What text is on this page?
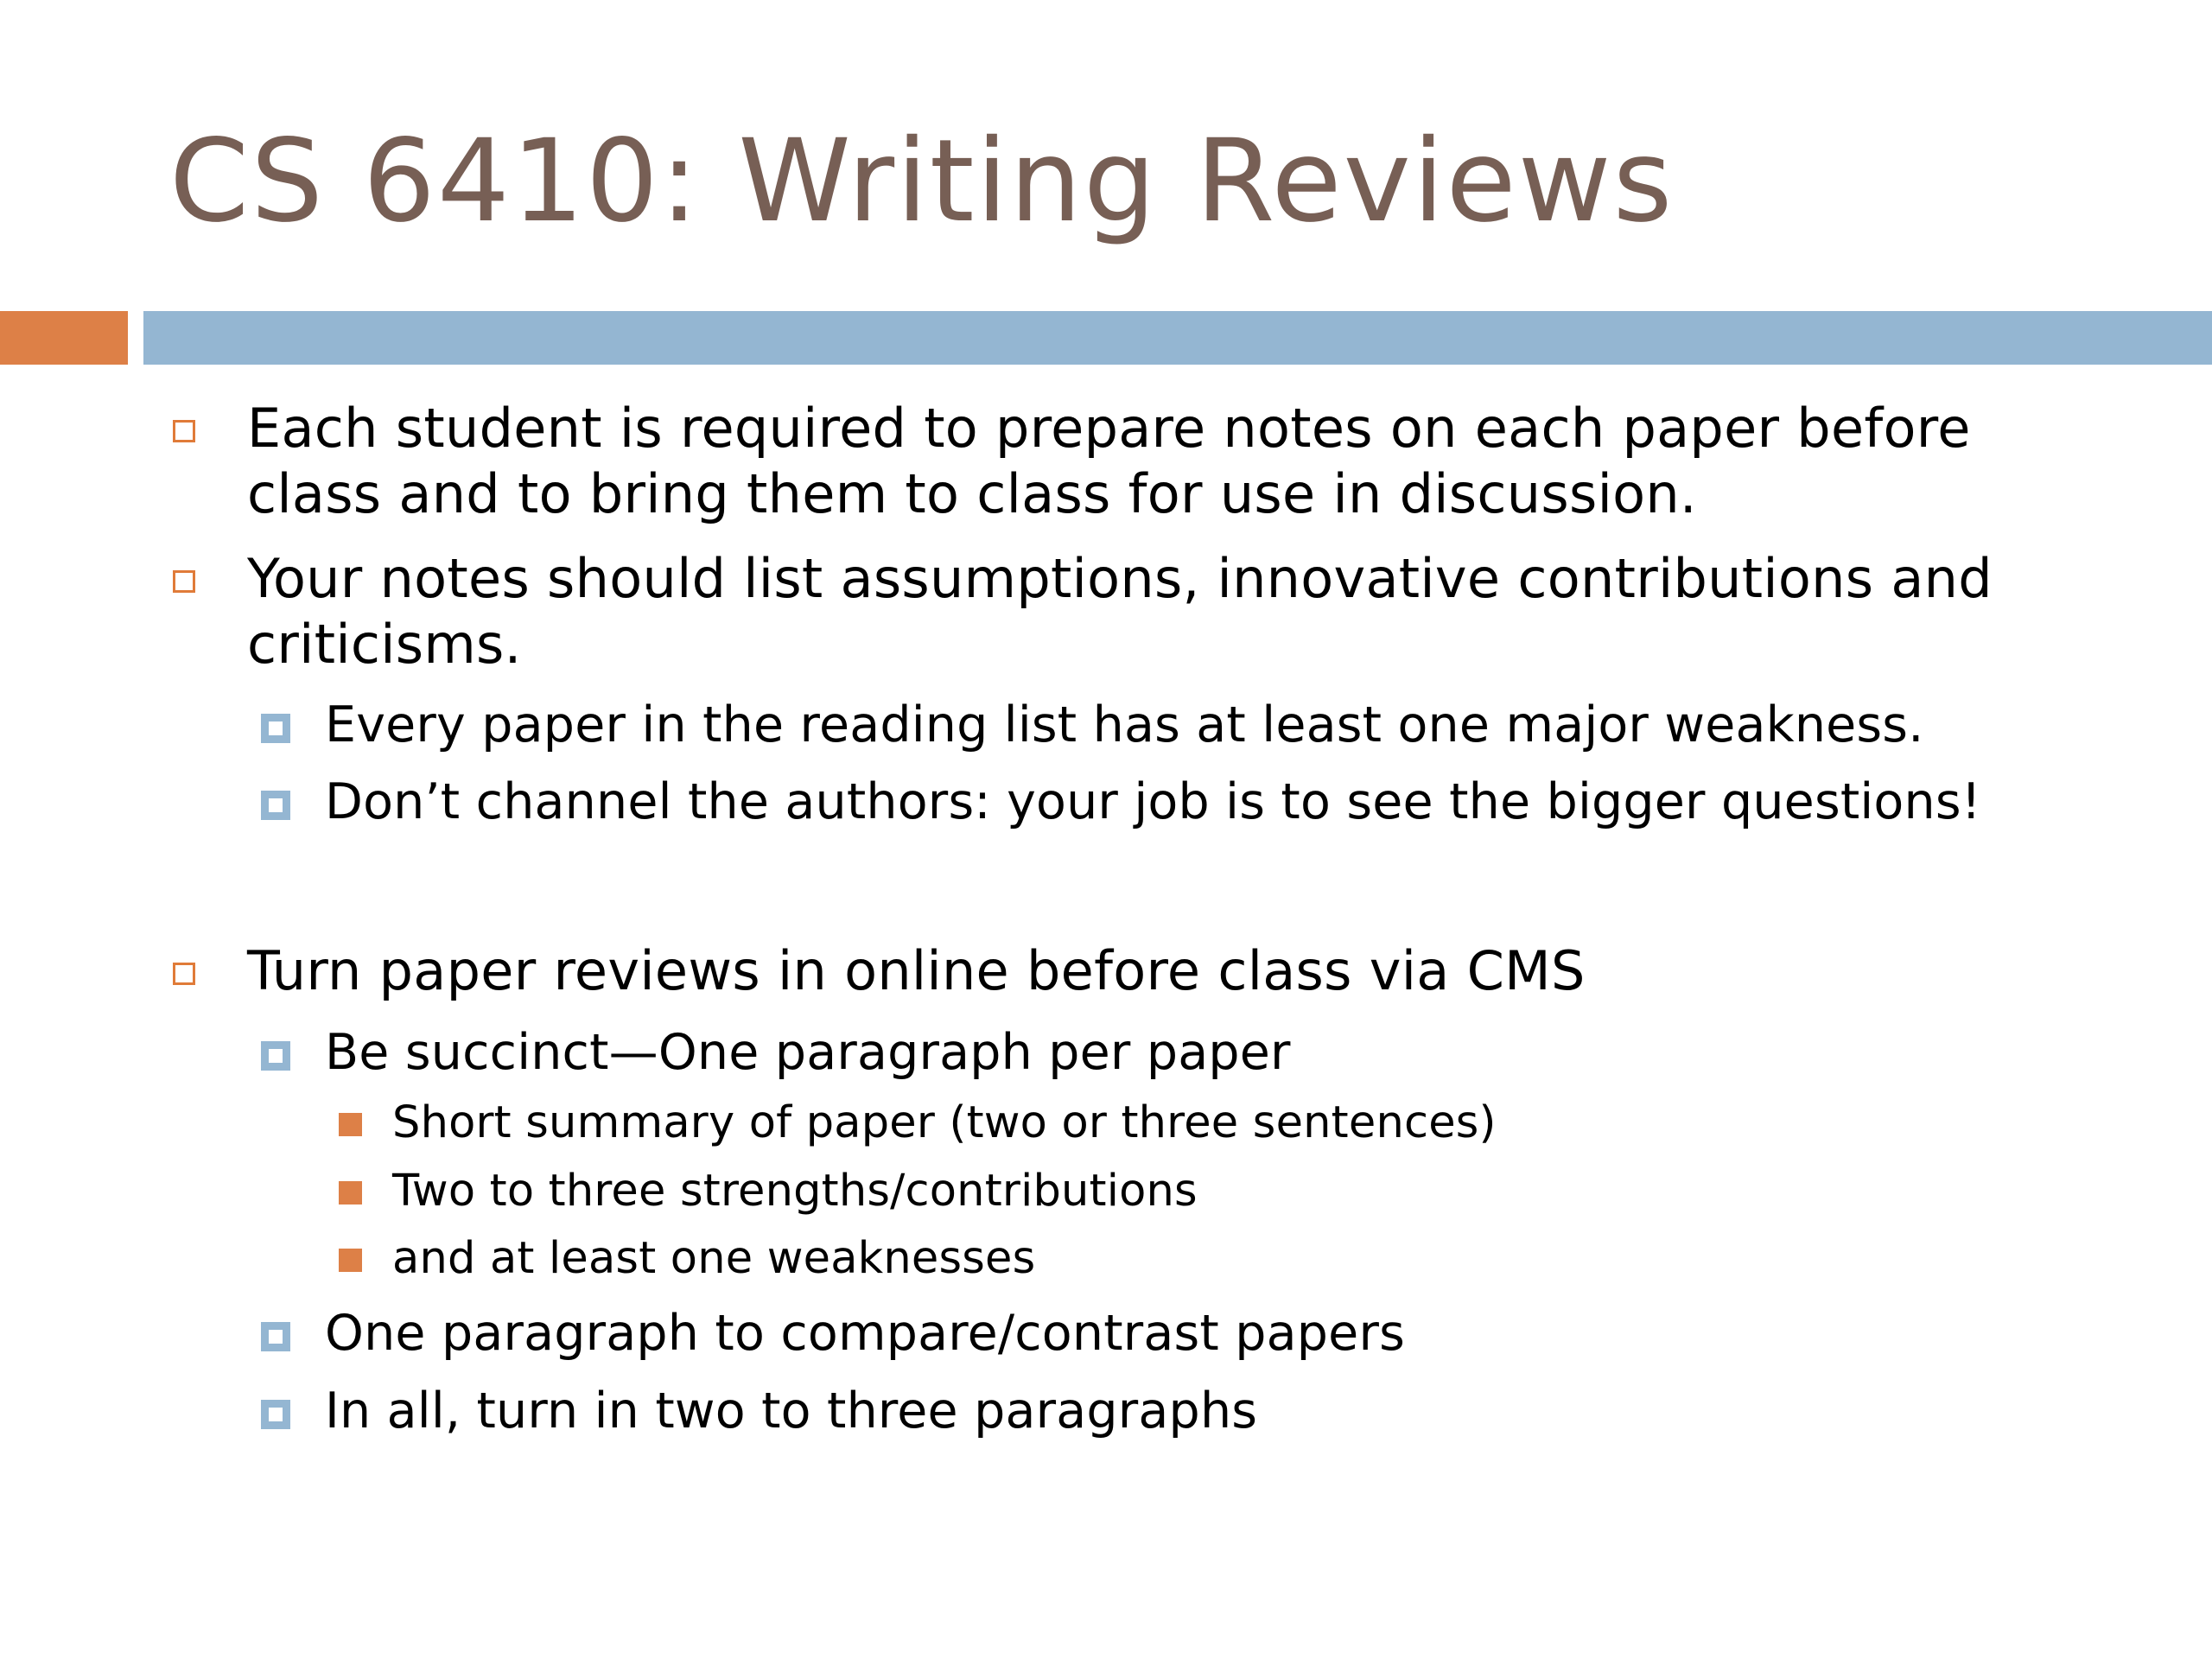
CS 6410: Writing Reviews
Each student is required to prepare notes on each paper before
class and to bring them to class for use in discussion.
Your notes should list assumptions, innovative contributions and
criticisms.
Every paper in the reading list has at least one major weakness.
Don’t channel the authors: your job is to see the bigger questions!
Turn paper reviews in online before class via CMS
Be succinct—One paragraph per paper
Short summary of paper (two or three sentences)
Two to three strengths/contributions
and at least one weaknesses
One paragraph to compare/contrast papers
In all, turn in two to three paragraphs
